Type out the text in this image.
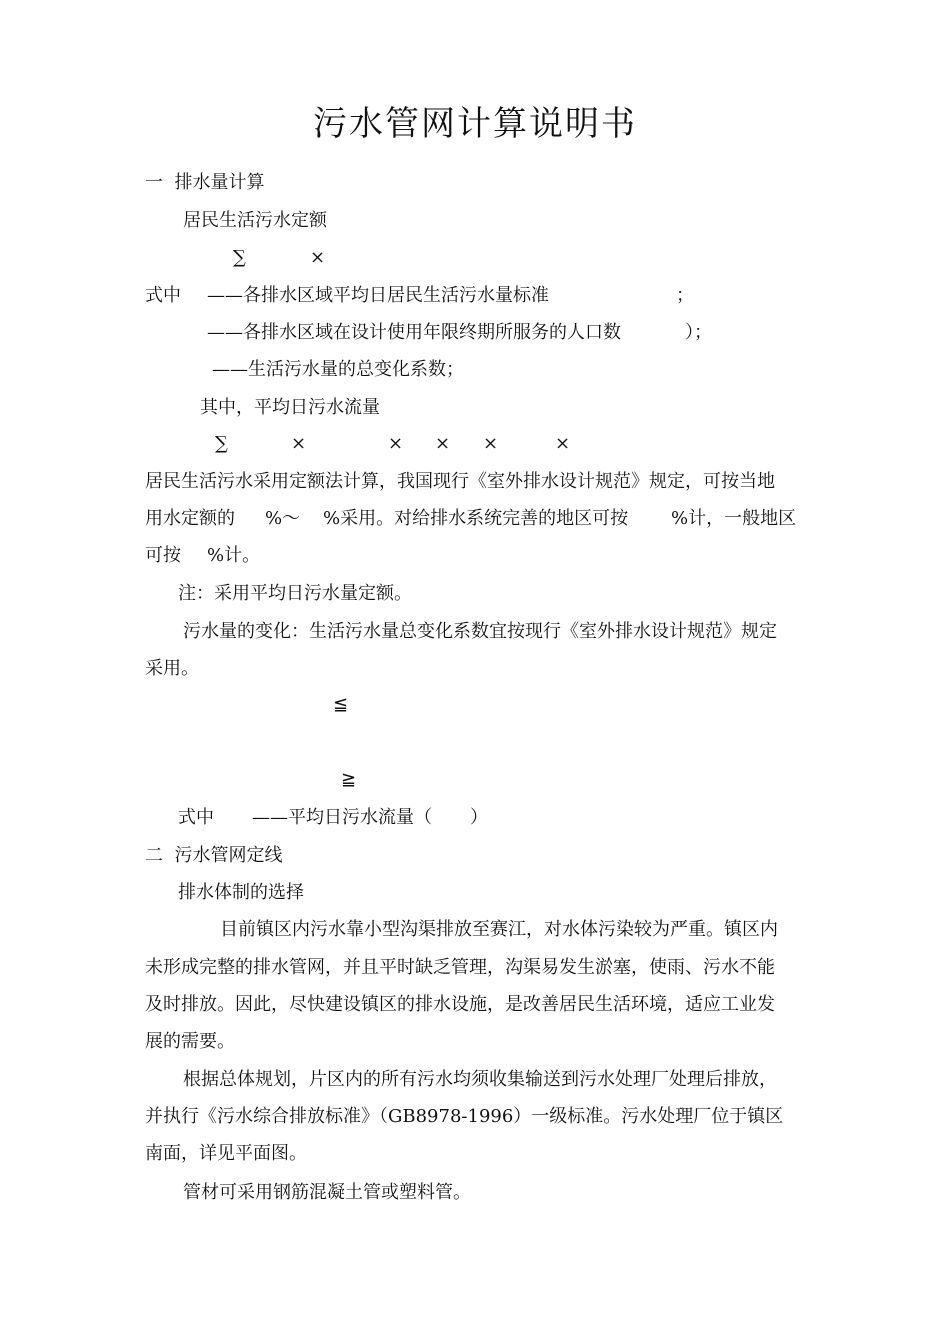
污水管网计算说明书
一  排水量计算
居民生活污水定额
∑	×
式中 ——各排水区域平均日居民生活污水量标准	；
——各排水区域在设计使用年限终期所服务的人口数	）；
——生活污水量的总变化系数；
其中，平均日污水流量
∑	×	× × ×	×
居民生活污水采用定额法计算，我国现行《室外排水设计规范》规定，可按当地
用水定额的 %～ %采用。对给排水系统完善的地区可按 %计，一般地区
可按 %计。
注：采用平均日污水量定额。
污水量的变化：生活污水量总变化系数宜按现行《室外排水设计规范》规定
采用。
≦
≧
式中 ——平均日污水流量（ ）
二  污水管网定线
排水体制的选择
目前镇区内污水靠小型沟渠排放至赛江，对水体污染较为严重。镇区内
未形成完整的排水管网，并且平时缺乏管理，沟渠易发生淤塞，使雨、污水不能
及时排放。因此，尽快建设镇区的排水设施，是改善居民生活环境，适应工业发
展的需要。
根据总体规划，片区内的所有污水均须收集输送到污水处理厂处理后排放，
并执行《污水综合排放标准》（GB8978-1996）一级标准。污水处理厂位于镇区
南面，详见平面图。
管材可采用钢筋混凝土管或塑料管。
